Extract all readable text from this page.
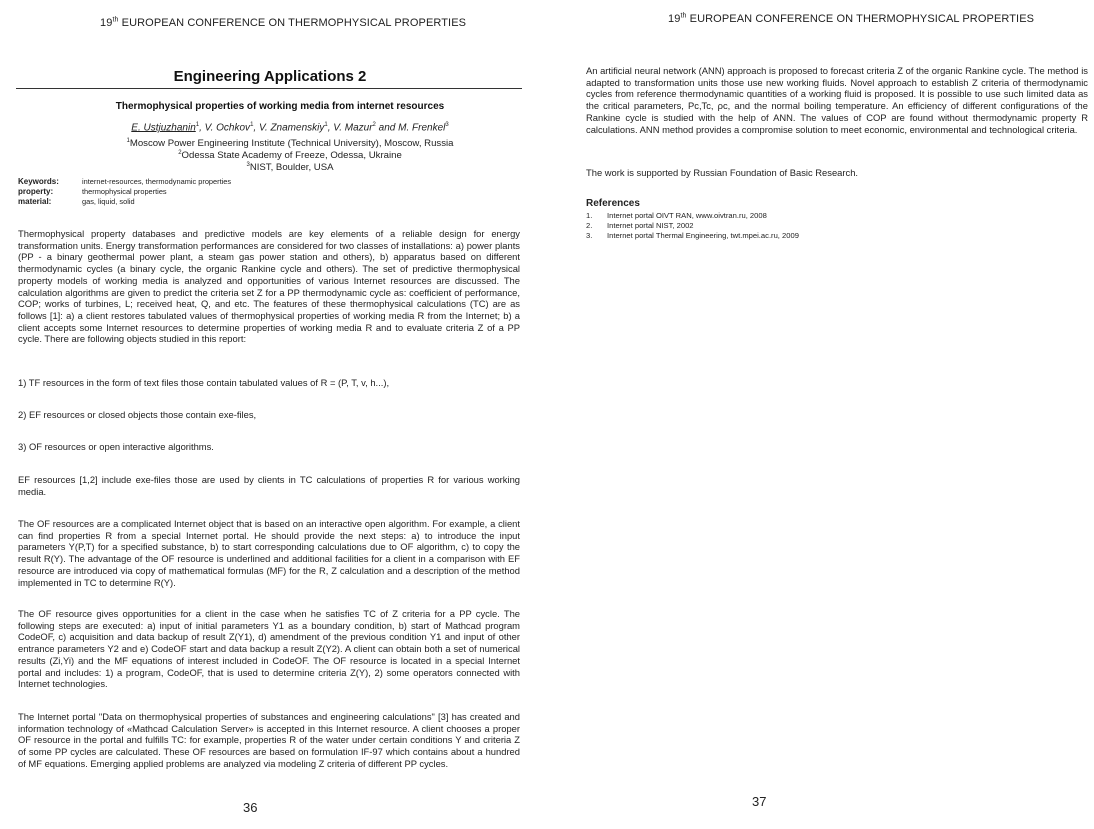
19th EUROPEAN CONFERENCE ON THERMOPHYSICAL PROPERTIES
Engineering Applications 2
Thermophysical properties of working media from internet resources
E. Ustjuzhanin$^1$, V. Ochkov$^1$, V. Znamenskiy$^1$, V. Mazur$^2$ and M. Frenkel$^3$
$^1$Moscow Power Engineering Institute (Technical University), Moscow, Russia
$^2$Odessa State Academy of Freeze, Odessa, Ukraine
$^3$NIST, Boulder, USA
Keywords:	internet-resources, thermodynamic properties
property:	thermophysical properties
material:	gas, liquid, solid
Thermophysical property databases and predictive models are key elements of a reliable design for energy transformation units. Energy transformation performances are considered for two classes of installations: a) power plants (PP - a binary geothermal power plant, a steam gas power station and others), b) apparatus based on different thermodynamic cycles (a binary cycle, the organic Rankine cycle and others). The set of predictive thermophysical property models of working media is analyzed and opportunities of various Internet resources are discussed. The calculation algorithms are given to predict the criteria set Z for a PP thermodynamic cycle as: coefficient of performance, COP; works of turbines, L; received heat, Q, and etc. The features of these thermophysical calculations (TC) are as follows [1]: a) a client restores tabulated values of thermophysical properties of working media R from the Internet; b) a client accepts some Internet resources to determine properties of working media R and to evaluate criteria Z of a PP cycle. There are following objects studied in this report:
1) TF resources in the form of text files those contain tabulated values of R = (P, T, v, h...),
2) EF resources or closed objects those contain exe-files,
3) OF resources or open interactive algorithms.
EF resources [1,2] include exe-files those are used by clients in TC calculations of properties R for various working media.
The OF resources are a complicated Internet object that is based on an interactive open algorithm. For example, a client can find properties R from a special Internet portal. He should provide the next steps: a) to introduce the input parameters Y(P,T) for a specified substance, b) to start corresponding calculations due to OF algorithm, c) to copy the result R(Y). The advantage of the OF resource is underlined and additional facilities for a client in a comparison with EF resource are introduced via copy of mathematical formulas (MF) for the R, Z calculation and a description of the method implemented in TC to determine R(Y).
The OF resource gives opportunities for a client in the case when he satisfies TC of Z criteria for a PP cycle. The following steps are executed: a) input of initial parameters Y1 as a boundary condition, b) start of Mathcad program CodeOF, c) acquisition and data backup of result Z(Y1), d) amendment of the previous condition Y1 and input of other entrance parameters Y2 and e) CodeOF start and data backup a result Z(Y2). A client can obtain both a set of numerical results (Zi,Yi) and the MF equations of interest included in CodeOF. The OF resource is located in a special Internet portal and includes: 1) a program, CodeOF, that is used to determine criteria Z(Y), 2) some operators connected with Internet technologies.
The Internet portal "Data on thermophysical properties of substances and engineering calculations" [3] has created and information technology of «Mathcad Calculation Server» is accepted in this Internet resource. A client chooses a proper OF resource in the portal and fulfills TC: for example, properties R of the water under certain conditions Y and criteria Z of some PP cycles are calculated. These OF resources are based on formulation IF-97 which contains about a hundred of MF equations. Emerging applied problems are analyzed via modeling Z criteria of different PP cycles.
36
19th EUROPEAN CONFERENCE ON THERMOPHYSICAL PROPERTIES
An artificial neural network (ANN) approach is proposed to forecast criteria Z of the organic Rankine cycle. The method is adapted to transformation units those use new working fluids. Novel approach to establish Z criteria of thermodynamic cycles from reference thermodynamic quantities of a working fluid is proposed. It is possible to use such limited data as the critical parameters, Pc,Tc, ρc, and the normal boiling temperature. An efficiency of different configurations of the Rankine cycle is studied with the help of ANN. The values of COP are found without thermodynamic property R calculations. ANN method provides a compromise solution to meet economic, environmental and technological criteria.
The work is supported by Russian Foundation of Basic Research.
References
1. Internet portal OIVT RAN, www.oivtran.ru, 2008
2. Internet portal NIST, 2002
3. Internet portal Thermal Engineering, twt.mpei.ac.ru, 2009
37
